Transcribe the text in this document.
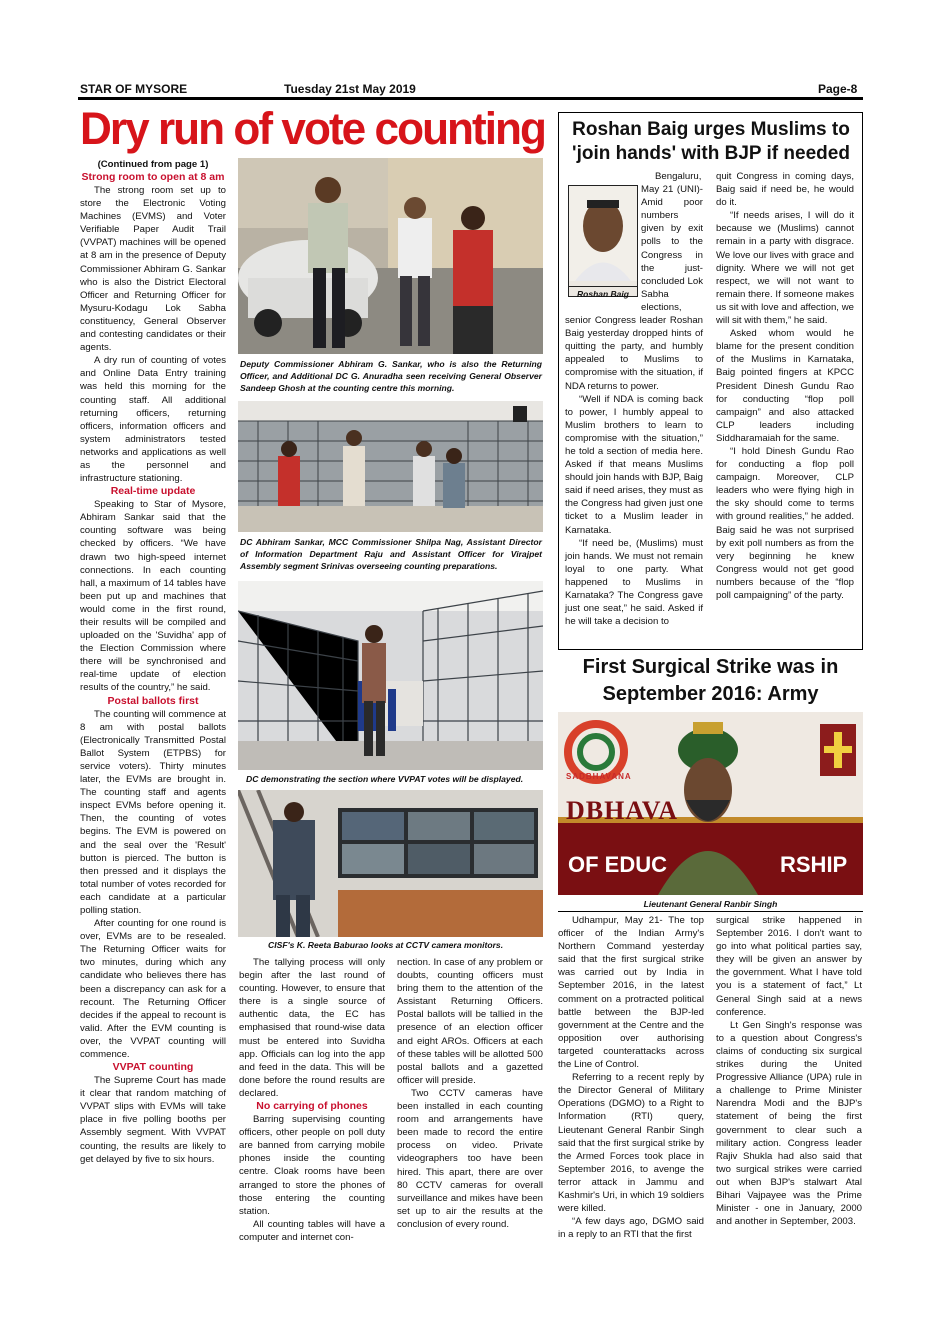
STAR OF MYSORE	Tuesday 21st May 2019	Page-8
Dry run of vote counting
(Continued from page 1)
Strong room to open at 8 am

The strong room set up to store the Electronic Voting Machines (EVMS) and Voter Verifiable Paper Audit Trail (VVPAT) machines will be opened at 8 am in the presence of Deputy Commissioner Abhiram G. Sankar who is also the District Electoral Officer and Returning Officer for Mysuru-Kodagu Lok Sabha constituency, General Observer and contesting candidates or their agents.

A dry run of counting of votes and Online Data Entry training was held this morning for the counting staff. All additional returning officers, returning officers, information officers and system administrators tested networks and applications as well as the personnel and infrastructure stationing.

Real-time update

Speaking to Star of Mysore, Abhiram Sankar said that the counting software was being checked by officers. “We have drawn two high-speed internet connections. In each counting hall, a maximum of 14 tables have been put up and machines that would come in the first round, their results will be compiled and uploaded on the 'Suvidha' app of the Election Commission where there will be synchronised and real-time update of election results of the country,” he said.

Postal ballots first

The counting will commence at 8 am with postal ballots (Electronically Transmitted Postal Ballot System (ETPBS) for service voters). Thirty minutes later, the EVMs are brought in. The counting staff and agents inspect EVMs before opening it. Then, the counting of votes begins. The EVM is powered on and the seal over the 'Result' button is pierced. The button is then pressed and it displays the total number of votes recorded for each candidate at a particular polling station.

After counting for one round is over, EVMs are to be resealed. The Returning Officer waits for two minutes, during which any candidate who believes there has been a discrepancy can ask for a recount. The Returning Officer decides if the appeal to recount is valid. After the EVM counting is over, the VVPAT counting will commence.

VVPAT counting

The Supreme Court has made it clear that random matching of VVPAT slips with EVMs will take place in five polling booths per Assembly segment. With VVPAT counting, the results are likely to get delayed by five to six hours.

Deputy Commissioner Abhiram G. Sankar, who is also the Returning Officer, and Additional DC G. Anuradha seen receiving General Observer Sandeep Ghosh at the counting centre this morning.
DC Abhiram Sankar, MCC Commissioner Shilpa Nag, Assistant Director of Information Department Raju and Assistant Officer for Virajpet Assembly segment Srinivas overseeing counting preparations.
DC demonstrating the section where VVPAT votes will be displayed.
CISF's K. Reeta Baburao looks at CCTV camera monitors.

The tallying process will only begin after the last round of counting. However, to ensure that there is a single source of authentic data, the EC has emphasised that round-wise data must be entered into Suvidha app. Officials can log into the app and feed in the data. This will be done before the round results are declared.

No carrying of phones

Barring supervising counting officers, other people on poll duty are banned from carrying mobile phones inside the counting centre. Cloak rooms have been arranged to store the phones of those entering the counting station.

All counting tables will have a computer and internet con-

nection. In case of any problem or doubts, counting officers must bring them to the attention of the Assistant Returning Officers. Postal ballots will be tallied in the presence of an election officer and eight AROs. Officers at each of these tables will be allotted 500 postal ballots and a gazetted officer will preside.

Two CCTV cameras have been installed in each counting room and arrangements have been made to record the entire process on video. Private videographers too have been hired. This apart, there are over 80 CCTV cameras for overall surveillance and mikes have been set up to air the results at the conclusion of every round.

Roshan Baig urges Muslims to 'join hands' with BJP if needed
Roshan Baig

Bengaluru, May 21 (UNI)- Amid poor numbers given by exit polls to the Congress in the just-concluded Lok Sabha elections, senior Congress leader Roshan Baig yesterday dropped hints of quitting the party, and humbly appealed to Muslims to compromise with the situation, if NDA returns to power.

“Well if NDA is coming back to power, I humbly appeal to Muslim brothers to learn to compromise with the situation,” he told a section of media here. Asked if that means Muslims should join hands with BJP, Baig said if need arises, they must as the Congress had given just one ticket to a Muslim leader in Karnataka.

“If need be, (Muslims) must join hands. We must not remain loyal to one party. What happened to Muslims in Karnataka? The Congress gave just one seat,” he said. Asked if he will take a decision to

quit Congress in coming days, Baig said if need be, he would do it.

“If needs arises, I will do it because we (Muslims) cannot remain in a party with disgrace. We love our lives with grace and dignity. Where we will not get respect, we will not want to remain there. If someone makes us sit with love and affection, we will sit with them,” he said.

Asked whom would he blame for the present condition of the Muslims in Karnataka, Baig pointed fingers at KPCC President Dinesh Gundu Rao for conducting “flop poll campaign” and also attacked CLP leaders including Siddharamaiah for the same.

“I hold Dinesh Gundu Rao for conducting a flop poll campaign. Moreover, CLP leaders who were flying high in the sky should come to terms with ground realities,” he added. Baig said he was not surprised by exit poll numbers as from the very beginning he knew Congress would not get good numbers because of the “flop poll campaigning” of the party.

First Surgical Strike was in September 2016: Army
SADBHAVANA
DBHAVA
OF EDUC	RSHIP
Lieutenant General Ranbir Singh

Udhampur, May 21- The top officer of the Indian Army's Northern Command yesterday said that the first surgical strike was carried out by India in September 2016, in the latest comment on a protracted political battle between the BJP-led government at the Centre and the opposition over authorising targeted counterattacks across the Line of Control.

Referring to a recent reply by the Director General of Military Operations (DGMO) to a Right to Information (RTI) query, Lieutenant General Ranbir Singh said that the first surgical strike by the Armed Forces took place in September 2016, to avenge the terror attack in Jammu and Kashmir's Uri, in which 19 soldiers were killed.

“A few days ago, DGMO said in a reply to an RTI that the first

surgical strike happened in September 2016. I don't want to go into what political parties say, they will be given an answer by the government. What I have told you is a statement of fact,” Lt General Singh said at a news conference.

Lt Gen Singh's response was to a question about Congress's claims of conducting six surgical strikes during the United Progressive Alliance (UPA) rule in a challenge to Prime Minister Narendra Modi and the BJP's statement of being the first government to clear such a military action. Congress leader Rajiv Shukla had also said that two surgical strikes were carried out when BJP's stalwart Atal Bihari Vajpayee was the Prime Minister - one in January, 2000 and another in September, 2003.
